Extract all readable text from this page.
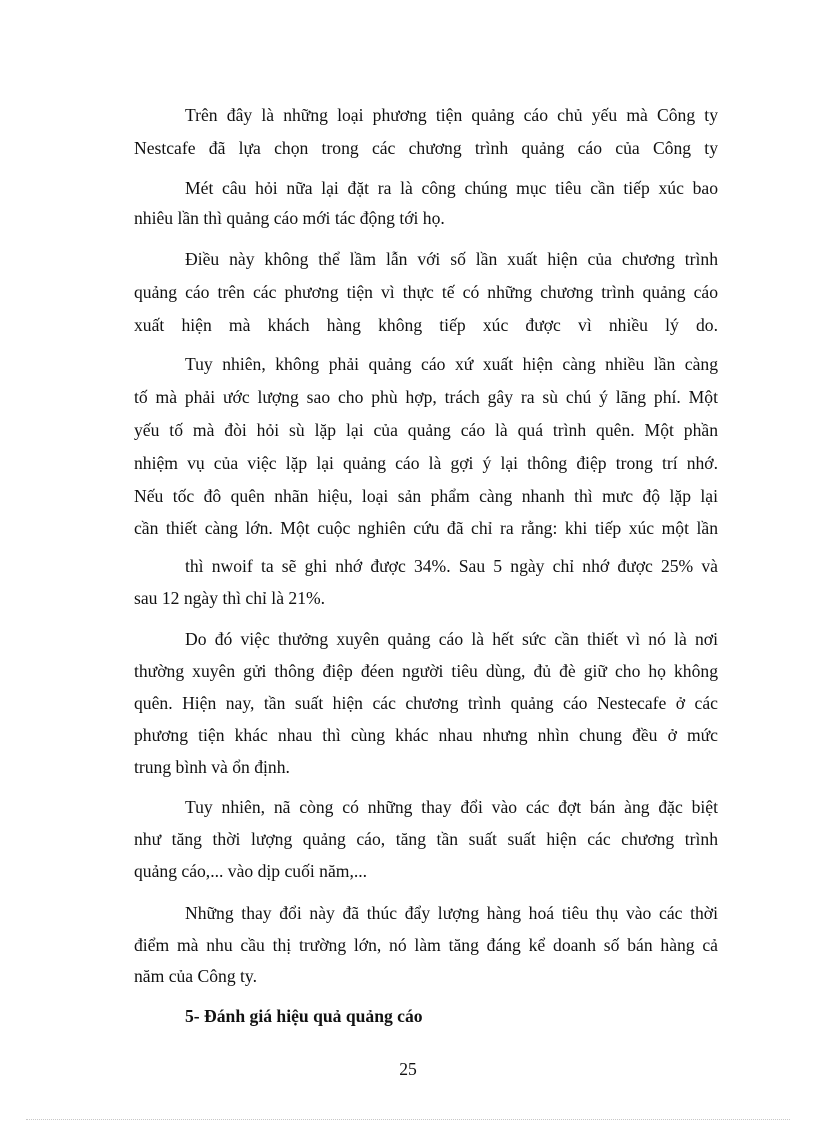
Trên đây là những loại phương tiện quảng cáo chủ yếu mà Công ty

Nestcafe đã lựa chọn trong các chương trình quảng cáo của Công ty

Mét câu hỏi nữa lại đặt ra là công chúng mục tiêu cần tiếp xúc bao

nhiêu lần thì quảng cáo mới tác động tới họ.

Điều này không thể lầm lẫn với số lần xuất hiện của chương trình

quảng cáo trên các phương tiện vì thực tế có những chương trình quảng cáo

xuất hiện mà khách hàng không tiếp xúc được vì nhiều lý do.

Tuy nhiên, không phải quảng cáo xứ xuất hiện càng nhiều lần càng

tố mà phải ước lượng sao cho phù hợp, trách gây ra sù chú ý lãng phí. Một

yếu tố mà đòi hỏi sù lặp lại của quảng cáo là quá trình quên. Một phần

nhiệm vụ của việc lặp lại quảng cáo là gợi ý lại thông điệp trong trí nhớ.

Nếu tốc đô quên nhãn hiệu, loại sản phẩm càng nhanh thì mưc độ lặp lại

cần thiết càng lớn. Một cuộc nghiên cứu đã chỉ ra rằng: khi tiếp xúc một lần

thì nwoif ta sẽ ghi nhớ được 34%. Sau 5 ngày chỉ nhớ được 25% và

sau 12 ngày thì chỉ là 21%.

Do đó việc thưởng xuyên quảng cáo là hết sức cần thiết vì nó là nơi

thường xuyên gửi thông điệp đéen người tiêu dùng, đủ đè giữ cho họ không

quên. Hiện nay, tần suất hiện các chương trình quảng cáo Nestecafe ở các

phương tiện khác nhau thì cùng khác nhau nhưng nhìn chung đều ở mức

trung bình và ổn định.

Tuy nhiên, nã còng có những thay đổi vào các đợt bán àng đặc biệt

như tăng thời lượng quảng cáo, tăng tần suất suất hiện các chương trình

quảng cáo,... vào dịp cuối năm,...

Những thay đổi này đã thúc đẩy lượng hàng hoá tiêu thụ vào các thời

điểm mà nhu cầu thị trường lớn, nó làm tăng đáng kể doanh số bán hàng cả

năm của Công ty.

5- Đánh giá hiệu quả quảng cáo

25
